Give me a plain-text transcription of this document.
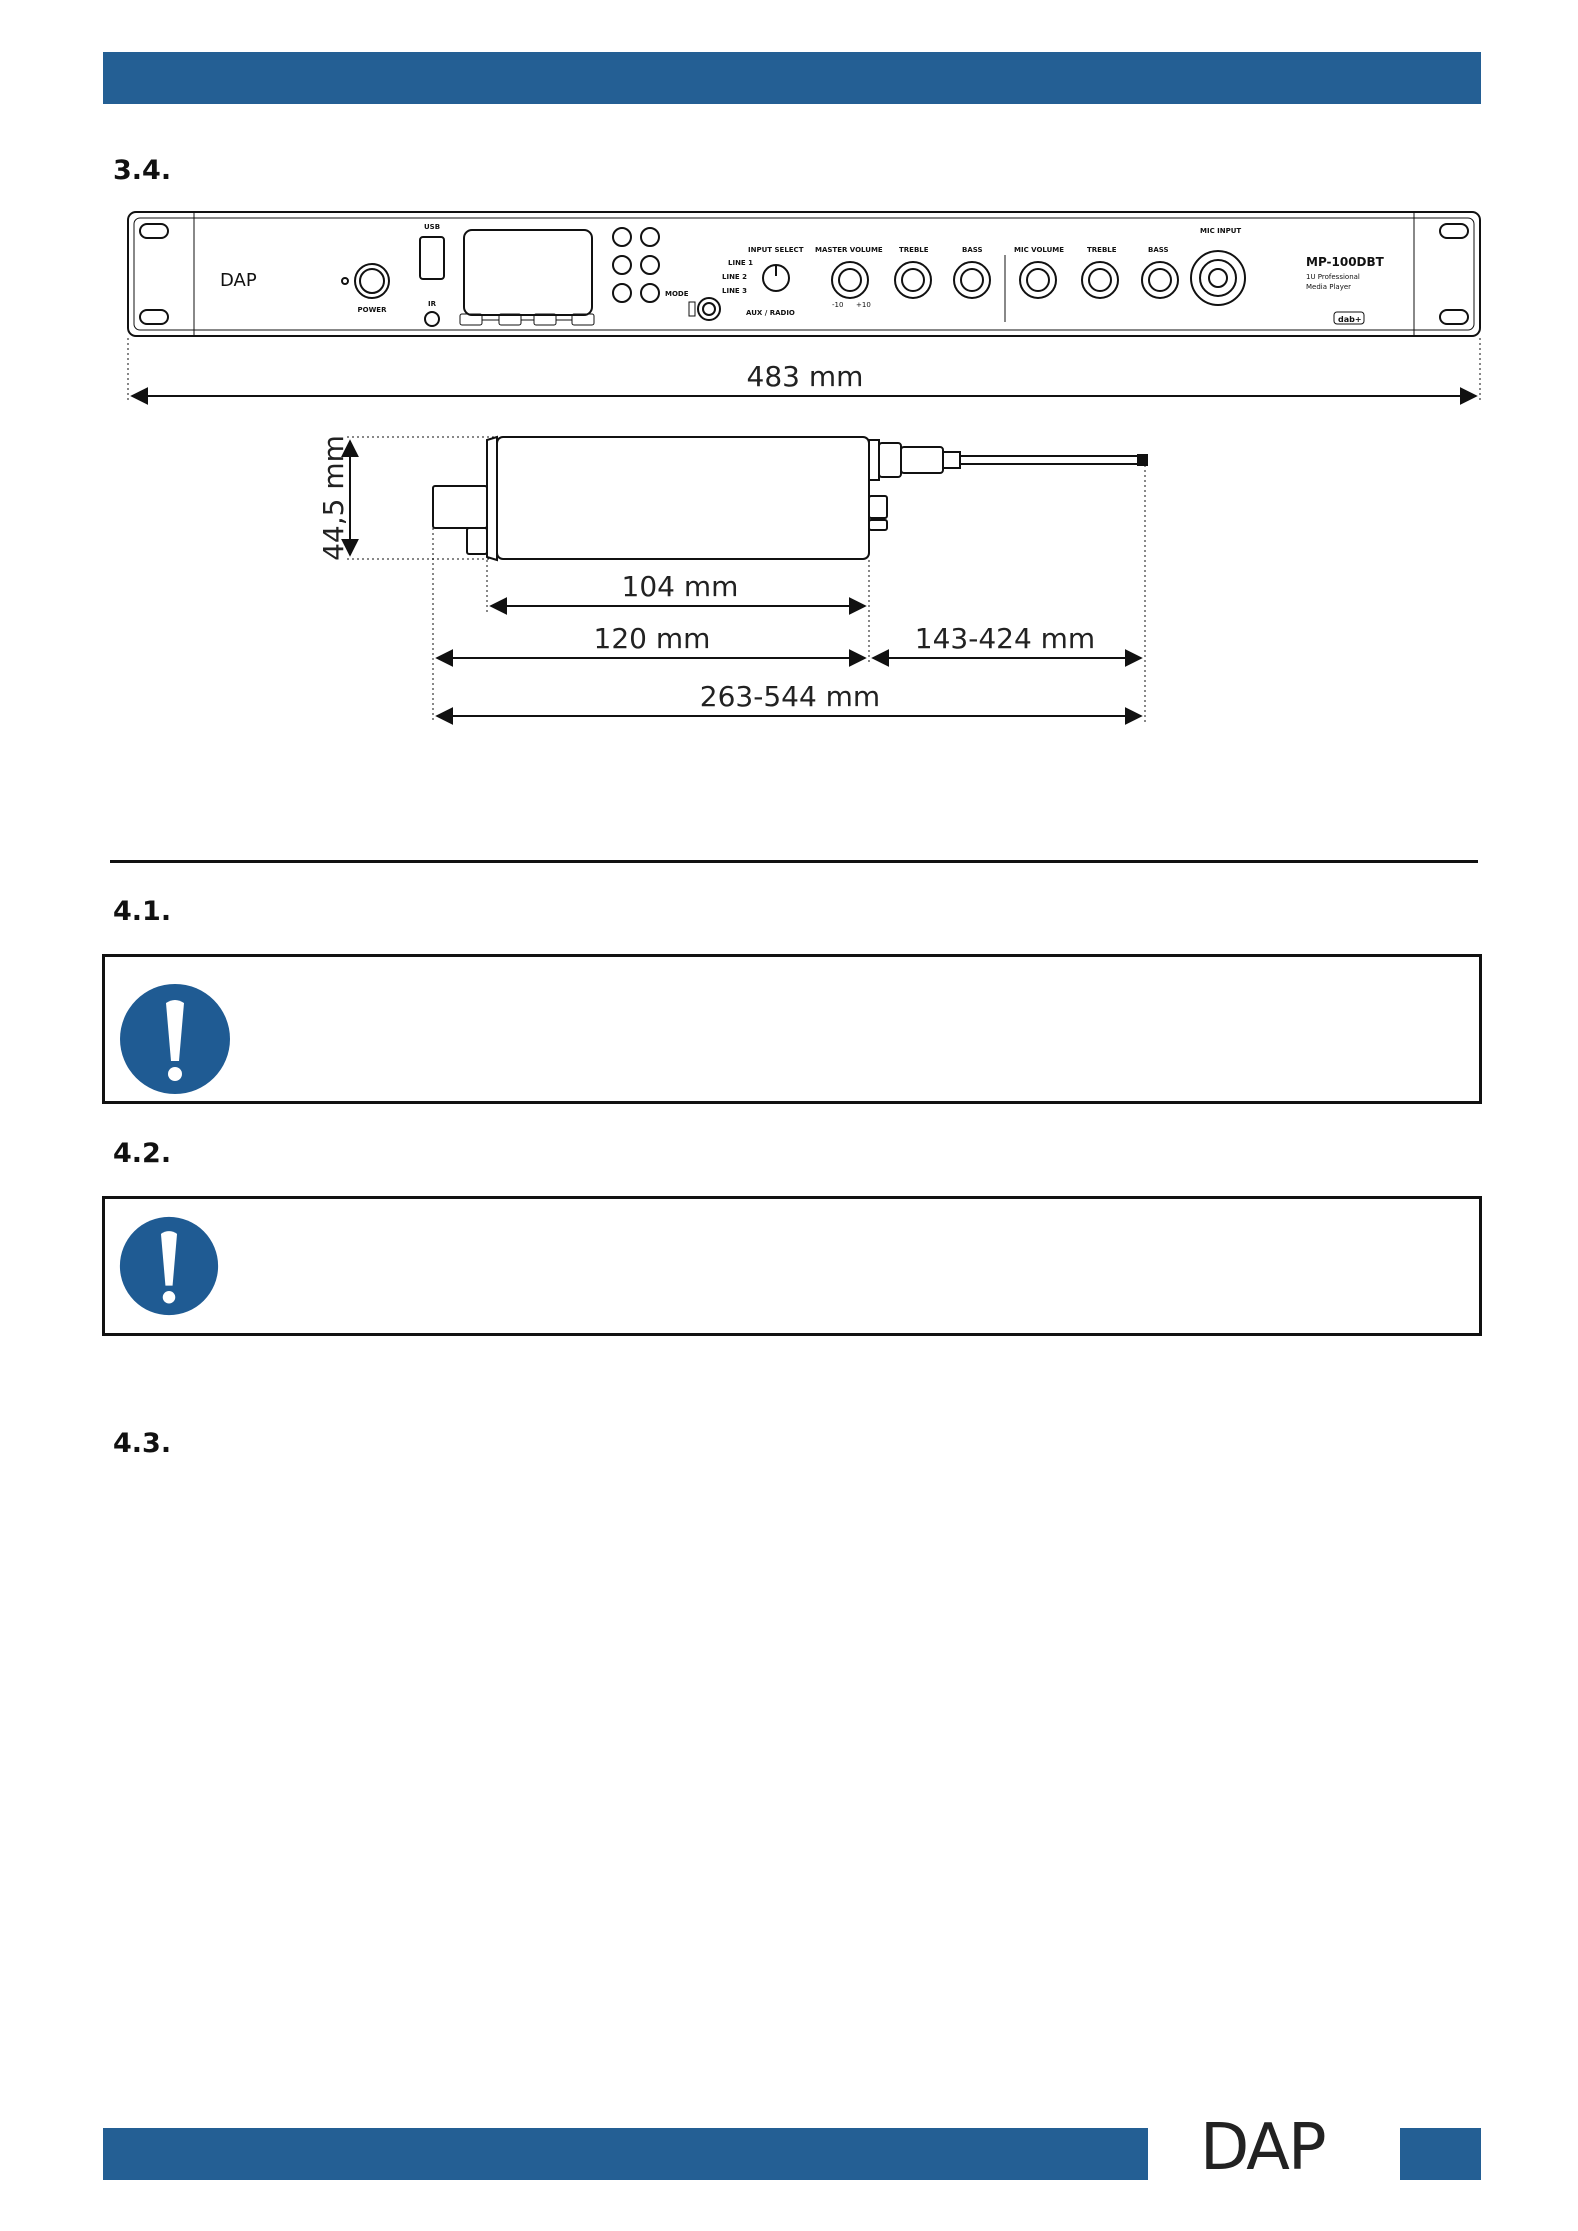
3.4.
DAP
POWER
USB
IR
MODE
INPUT SELECT
LINE 1
LINE 2
LINE 3
AUX / RADIO
MASTER VOLUME TREBLE	BASS	MIC VOLUME	TREBLE	BASS
MIC INPUT
MP-100DBT
1U Professional
Media Player
dab+
-10 +10
483 mm
44,5 mm
104 mm
120 mm	143-424 mm
263-544 mm
4.1.
4.2.
4.3.
DAP
